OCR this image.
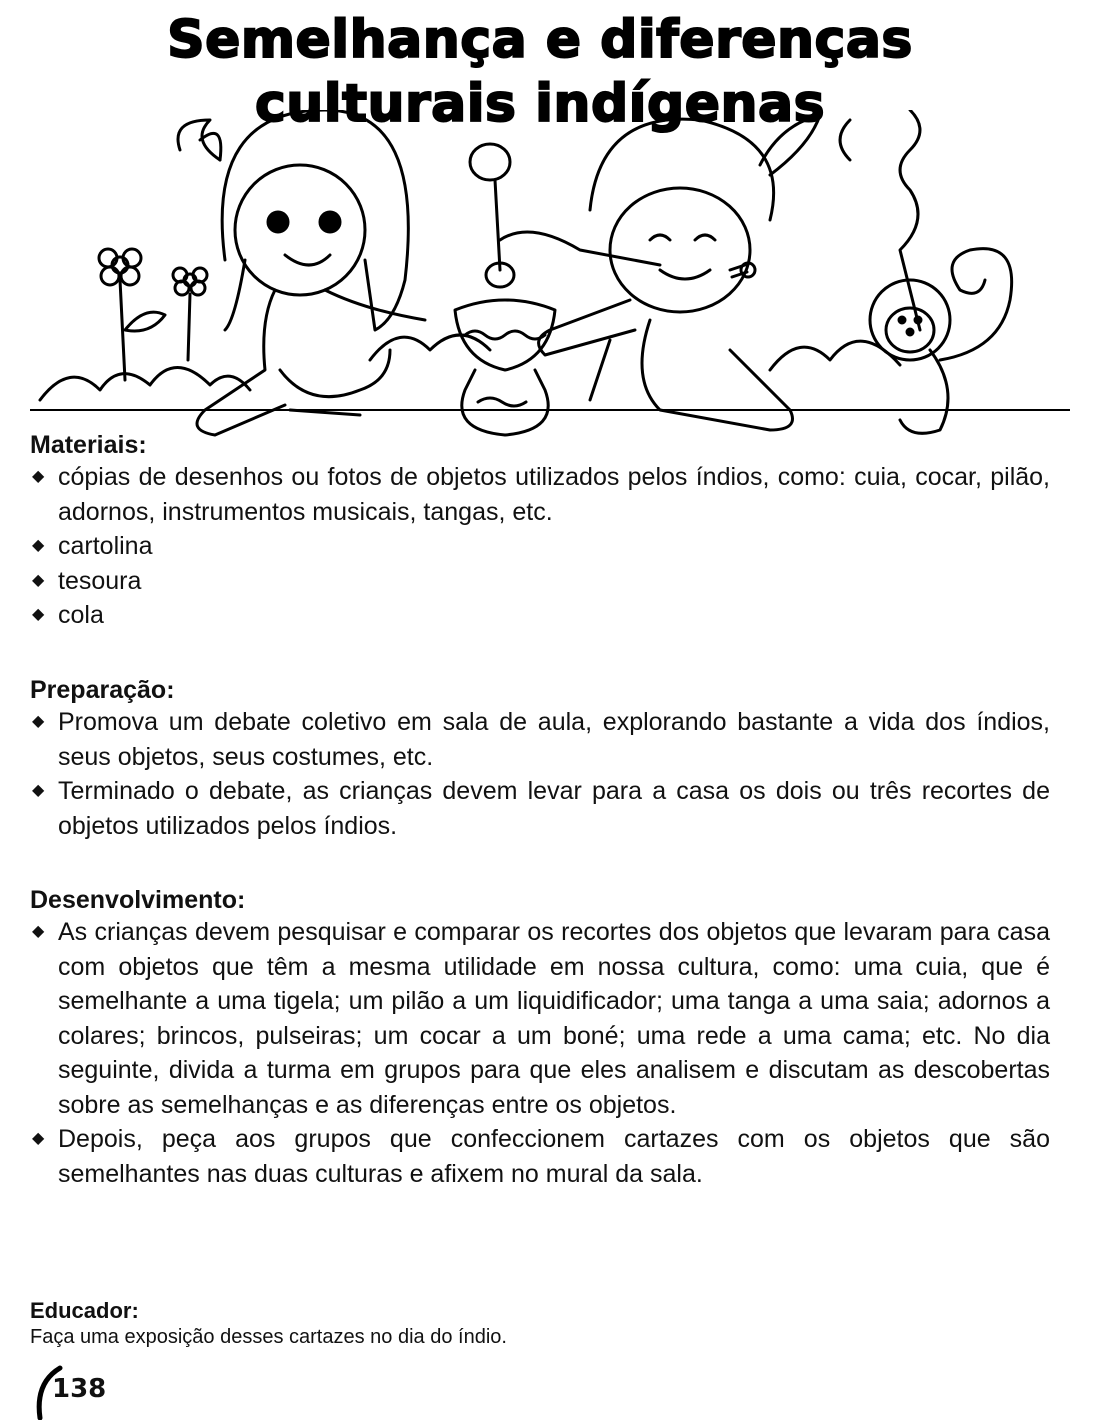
Semelhança e diferenças
culturais indígenas
Materiais:
◆ cópias de desenhos ou fotos de objetos utilizados pelos índios, como: cuia, cocar, pilão, adornos, instrumentos musicais, tangas, etc.
◆ cartolina
◆ tesoura
◆ cola
Preparação:
◆ Promova um debate coletivo em sala de aula, explorando bastante a vida dos índios, seus objetos, seus costumes, etc.
◆ Terminado o debate, as crianças devem levar para a casa os dois ou três recortes de objetos utilizados pelos índios.
Desenvolvimento:
◆ As crianças devem pesquisar e comparar os recortes dos objetos que levaram para casa com objetos que têm a mesma utilidade em nossa cultura, como: uma cuia, que é semelhante a uma tigela; um pilão a um liquidificador; uma tanga a uma saia; adornos a colares; brincos, pulseiras; um cocar a um boné; uma rede a uma cama; etc. No dia seguinte, divida a turma em grupos para que eles analisem e discutam as descobertas sobre as semelhanças e as diferenças entre os objetos.
◆ Depois, peça aos grupos que confeccionem cartazes com os objetos que são semelhantes nas duas culturas e afixem no mural da sala.
Educador:

Faça uma exposição desses cartazes no dia do índio.

138
